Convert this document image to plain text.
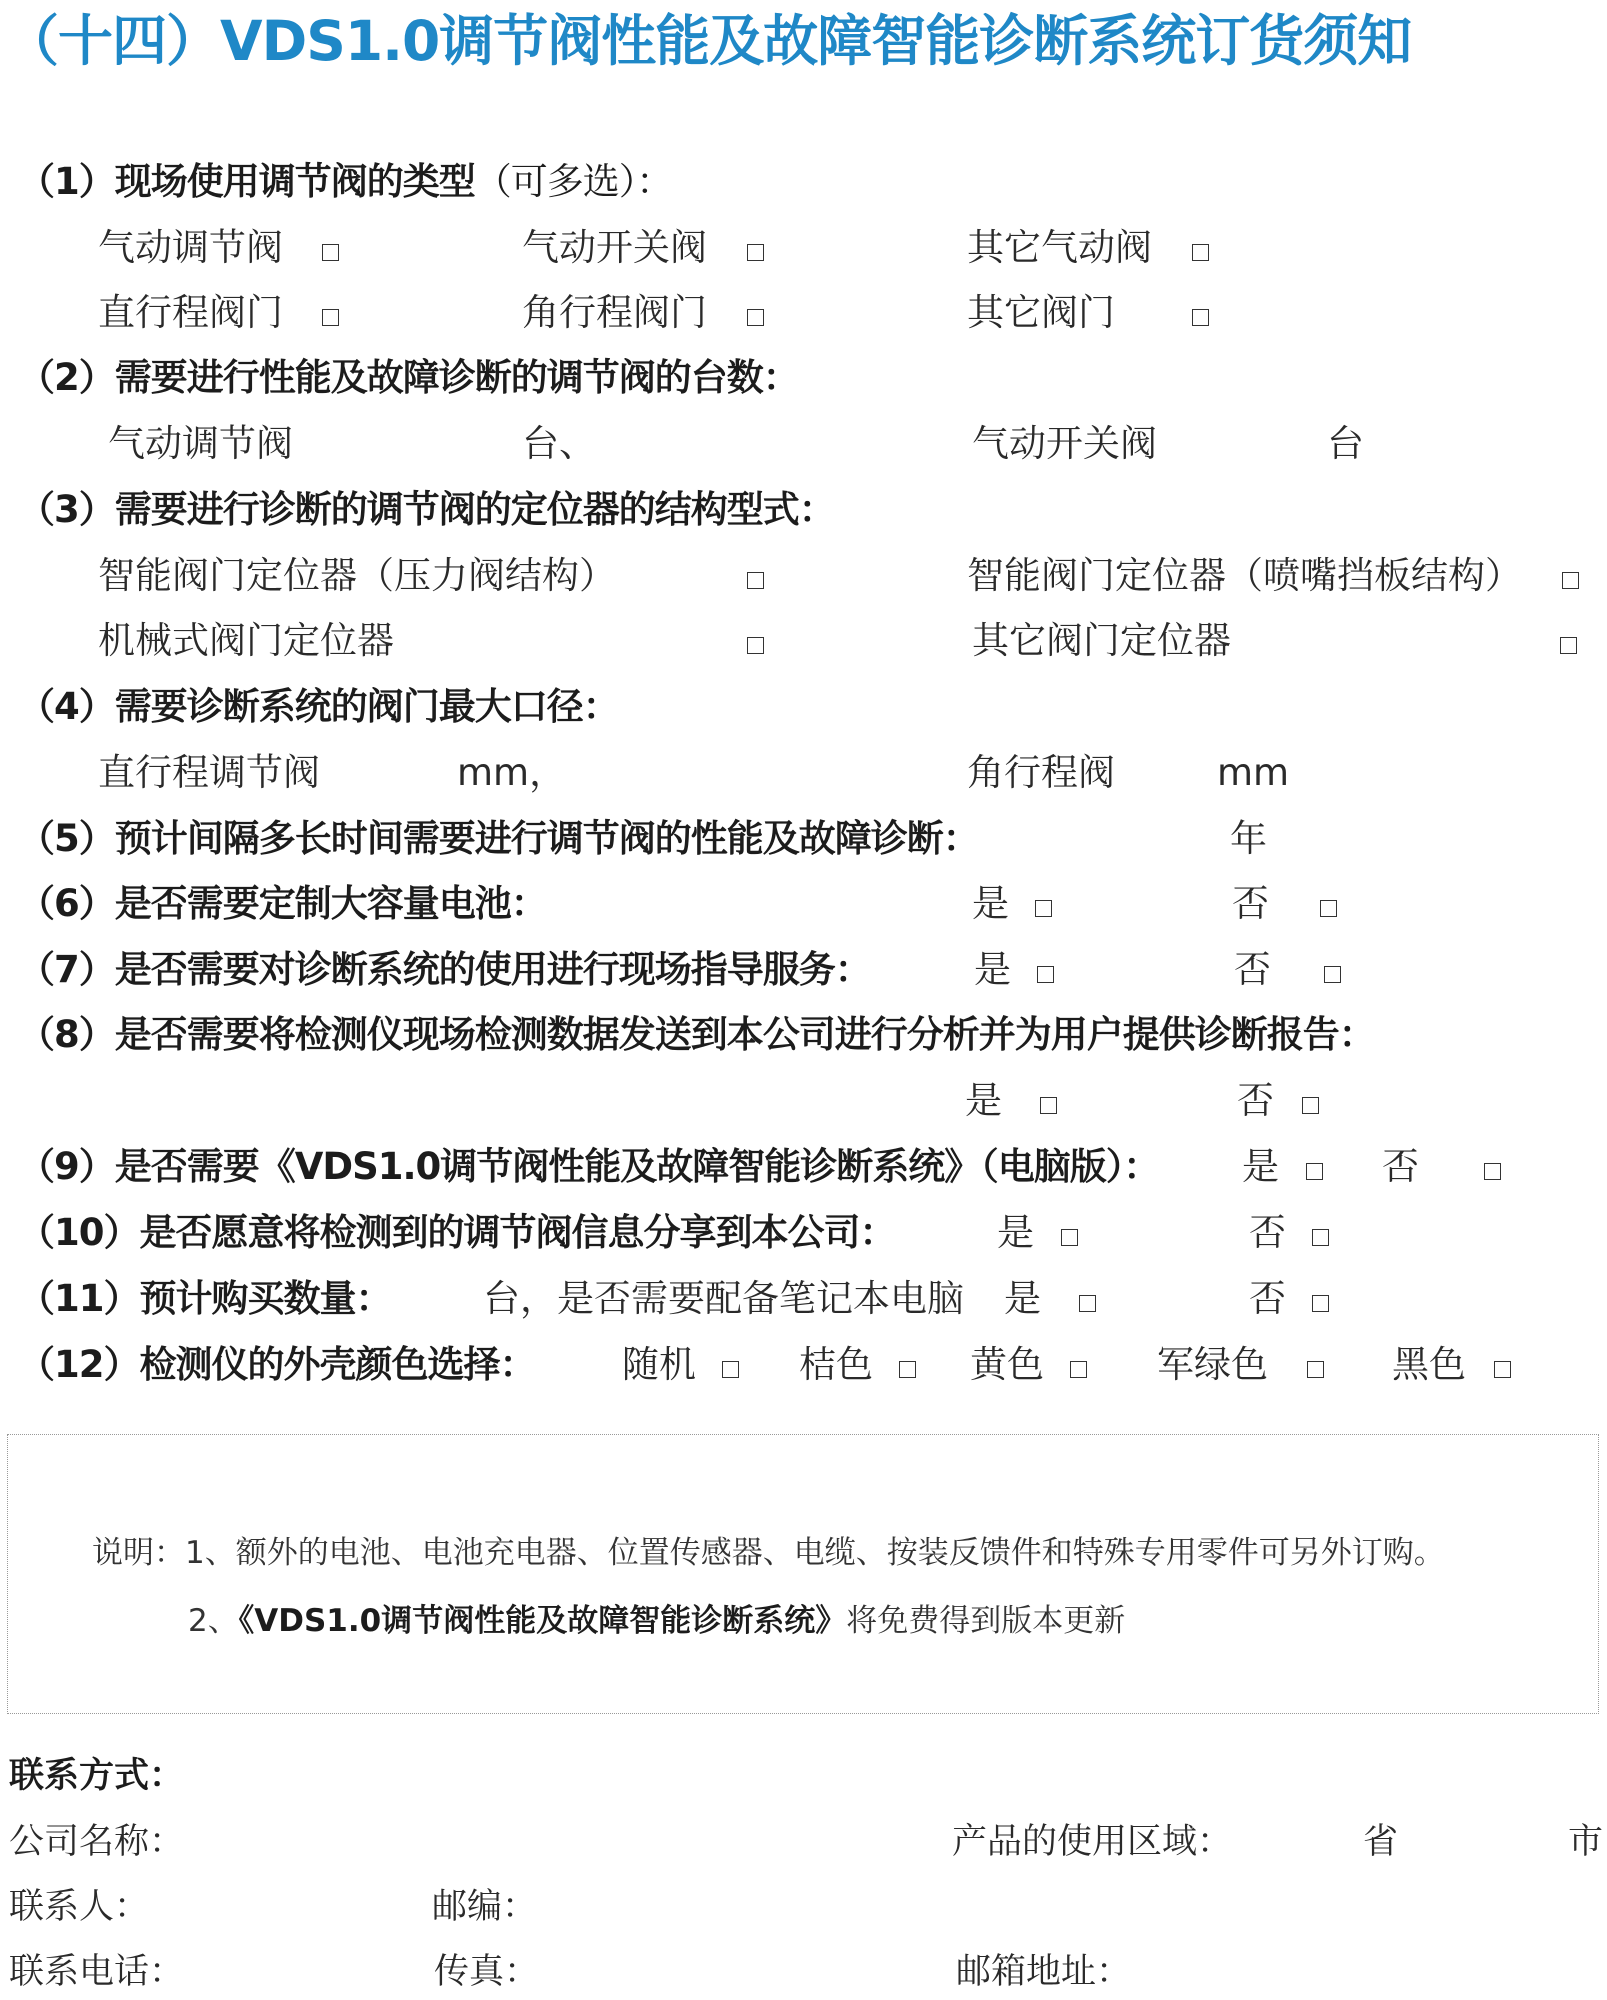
（十四）VDS1.0调节阀性能及故障智能诊断系统订货须知
（1）现场使用调节阀的类型（可多选）：
气动调节阀	气动开关阀	其它气动阀
直行程阀门	角行程阀门	其它阀门
（2）需要进行性能及故障诊断的调节阀的台数：
气动调节阀	台、	气动开关阀	台
（3）需要进行诊断的调节阀的定位器的结构型式：
智能阀门定位器（压力阀结构）	智能阀门定位器（喷嘴挡板结构）
机械式阀门定位器	其它阀门定位器
（4）需要诊断系统的阀门最大口径：
直行程调节阀	mm，	角行程阀	mm
（5）预计间隔多长时间需要进行调节阀的性能及故障诊断：	年
（6）是否需要定制大容量电池：	是	否
（7）是否需要对诊断系统的使用进行现场指导服务：	是	否
（8）是否需要将检测仪现场检测数据发送到本公司进行分析并为用户提供诊断报告：
是	否
（9）是否需要《VDS1.0调节阀性能及故障智能诊断系统》（电脑版）： 是	否
（10）是否愿意将检测到的调节阀信息分享到本公司：	是	否
（11）预计购买数量： 台，是否需要配备笔记本电脑 是	否
（12）检测仪的外壳颜色选择： 随机	桔色	黄色	军绿色	黑色
说明：1、额外的电池、电池充电器、位置传感器、电缆、按装反馈件和特殊专用零件可另外订购。
2、《VDS1.0调节阀性能及故障智能诊断系统》将免费得到版本更新
联系方式：
公司名称：	产品的使用区域：	省	市
联系人：	邮编：
联系电话：	传真：	邮箱地址：
